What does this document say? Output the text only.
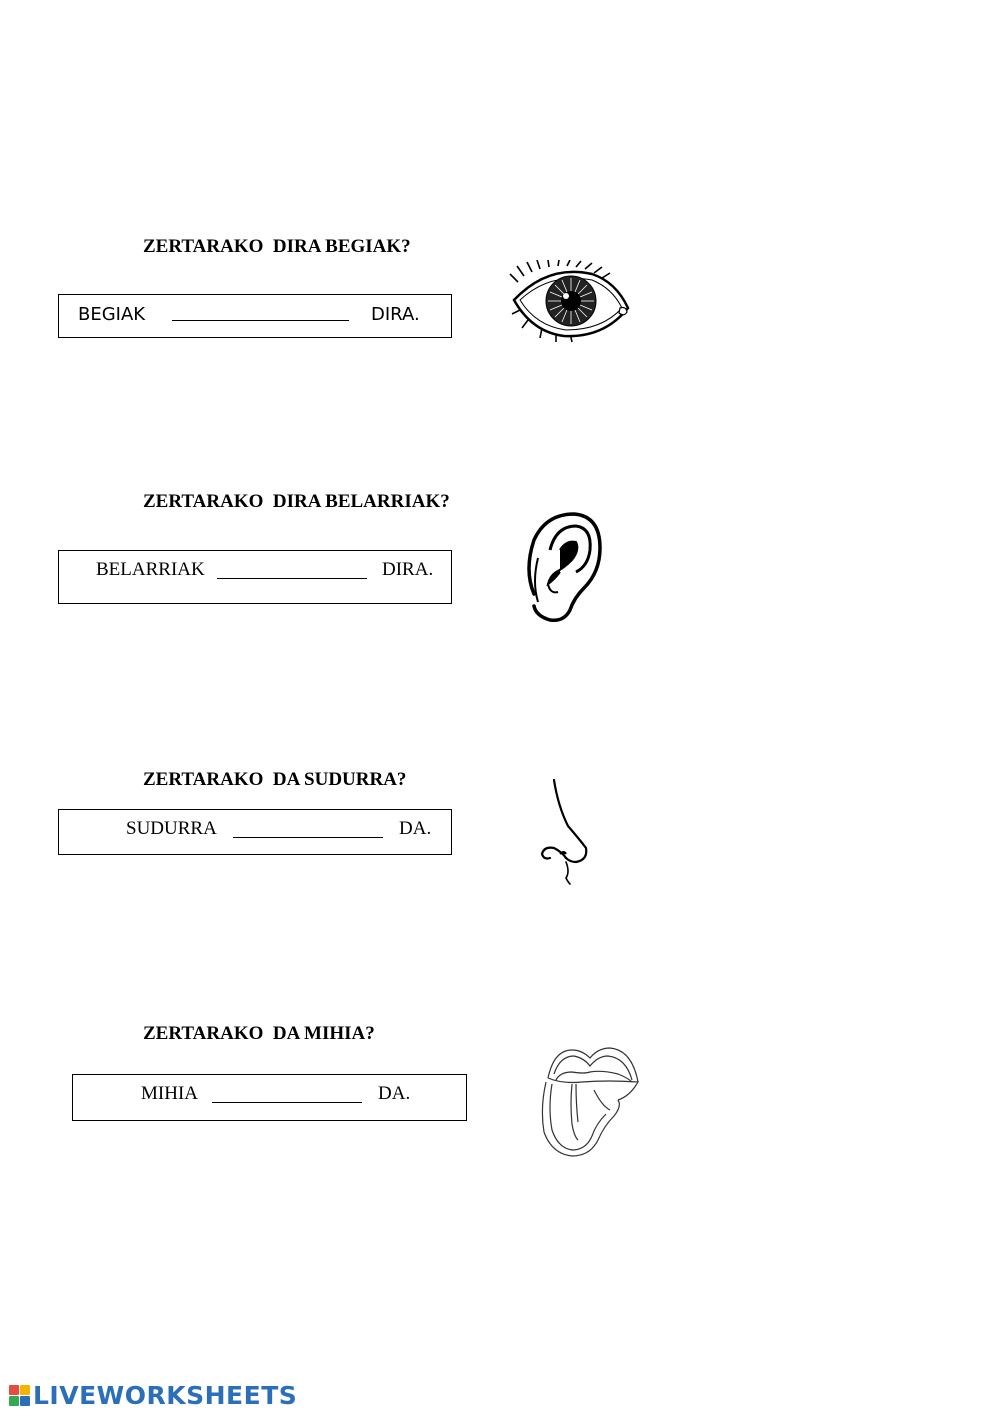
ZERTARAKO  DIRA BEGIAK?

BEGIAK

	DIRA.

ZERTARAKO  DIRA BELARRIAK?

BELARRIAK

	DIRA.

ZERTARAKO  DA SUDURRA?

SUDURRA

	DA.

ZERTARAKO  DA MIHIA?

MIHIA

	DA.

LIVEWORKSHEETS
